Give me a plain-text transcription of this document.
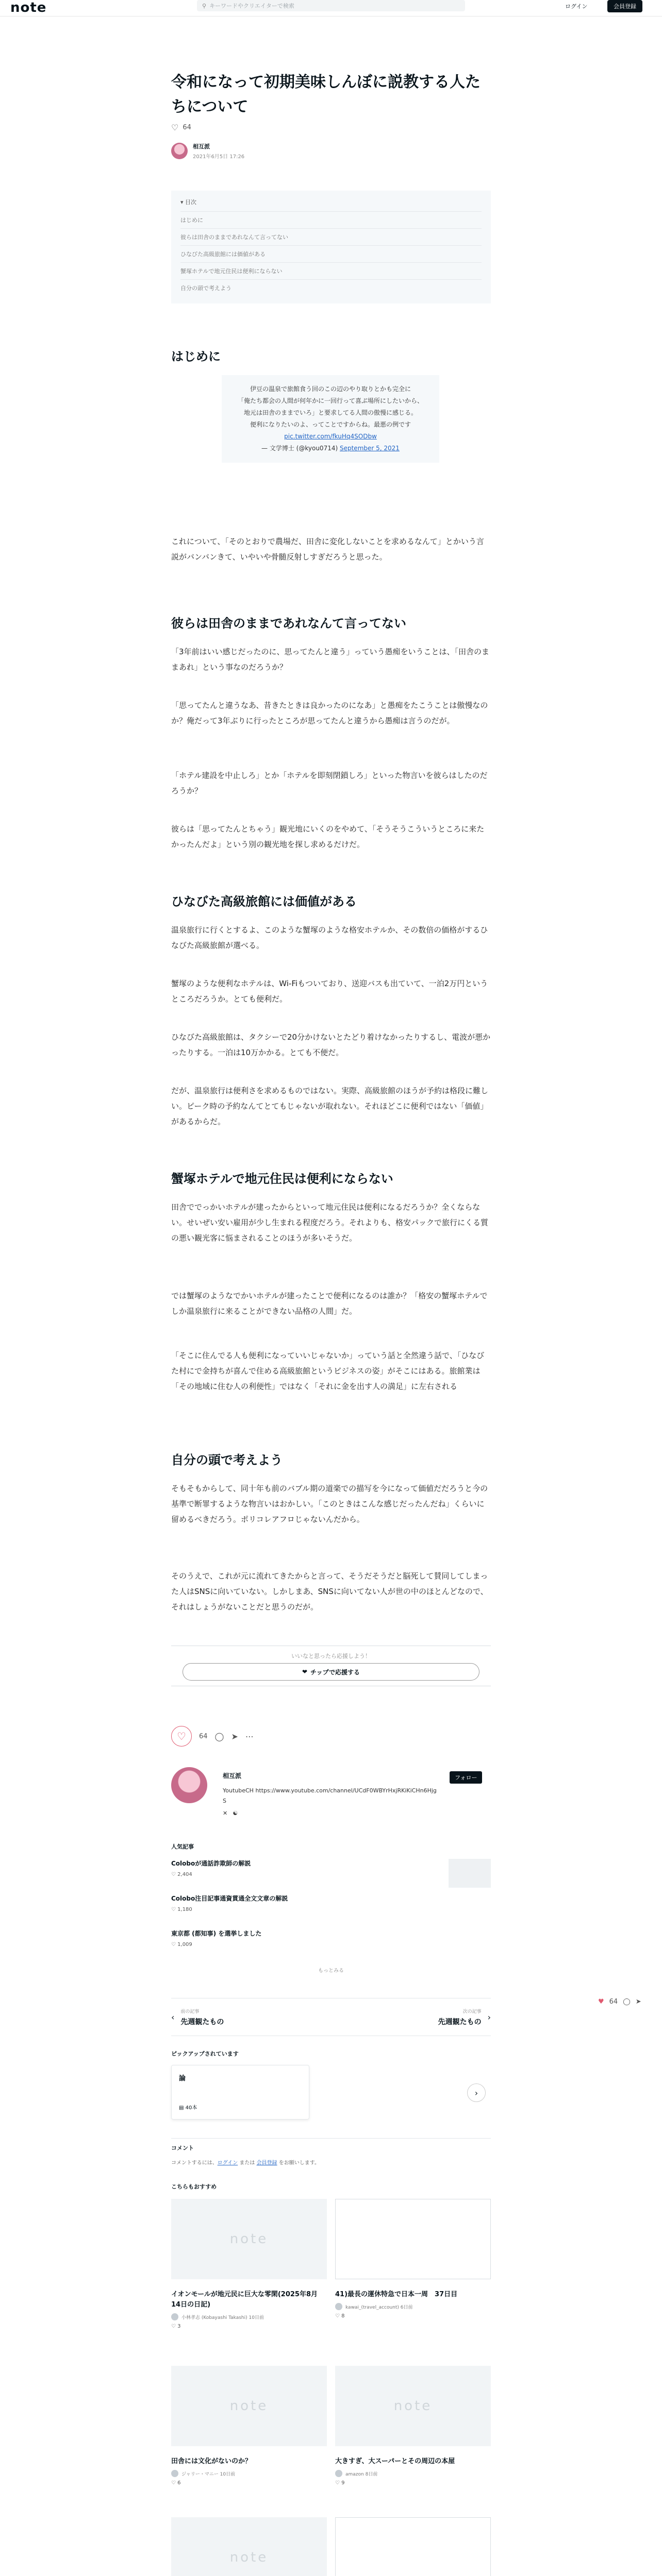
note	⚲ キーワードやクリエイターで検索	ログイン	会員登録
令和になって初期美味しんぼに説教する人たちについて
♡ 64
相互派
2021年6月5日 17:26
▾ 目次
はじめに
彼らは田舎のままであれなんて言ってない
ひなびた高級旅館には価値がある
蟹塚ホテルで地元住民は便利にならない
自分の頭で考えよう
はじめに
伊豆の温泉で旅館食う回のこの辺のやり取りとかも完全に
「俺たち都会の人間が何年かに一回行って喜ぶ場所にしたいから、
地元は田舎のままでいろ」と要求してる人間の傲慢に感じる。
便利になりたいのよ、ってことですからね。最悪の例です
pic.twitter.com/fkuHq4SODbw
— 文学博士 (@kyou0714) September 5, 2021

これについて、「そのとおりで農場だ、田舎に変化しないことを求めるなんて」とかいう言説がバンバンきて、いやいや骨髄反射しすぎだろうと思った。

彼らは田舎のままであれなんて言ってない

「3年前はいい感じだったのに、思ってたんと違う」っていう愚痴をいうことは、「田舎のままあれ」という事なのだろうか？

「思ってたんと違うなあ、昔きたときは良かったのになあ」と愚痴をたこうことは傲慢なのか？俺だって3年ぶりに行ったところが思ってたんと違うから愚痴は言うのだが。

「ホテル建設を中止しろ」とか「ホテルを即刻閉鎖しろ」といった物言いを彼らはしたのだろうか？

彼らは「思ってたんとちゃう」観光地にいくのをやめて、「そうそうこういうところに来たかったんだよ」という別の観光地を探し求めるだけだ。

ひなびた高級旅館には価値がある

温泉旅行に行くとするよ、このような蟹塚のような格安ホテルか、その数倍の価格がするひなびた高級旅館が選べる。

蟹塚のような便利なホテルは、Wi-Fiもついており、送迎バスも出ていて、一泊2万円というところだろうか。とても便利だ。

ひなびた高級旅館は、タクシーで20分かけないとたどり着けなかったりするし、電波が悪かったりする。一泊は10万かかる。とても不便だ。

だが、温泉旅行は便利さを求めるものではない。実際、高級旅館のほうが予約は格段に難しい。ピーク時の予約なんてとてもじゃないが取れない。それほどこに便利ではない「価値」があるからだ。

蟹塚ホテルで地元住民は便利にならない

田舎ででっかいホテルが建ったからといって地元住民は便利になるだろうか？全くならない。せいぜい安い雇用が少し生まれる程度だろう。それよりも、格安パックで旅行にくる質の悪い観光客に悩まされることのほうが多いそうだ。

では蟹塚のようなでかいホテルが建ったことで便利になるのは誰か？「格安の蟹塚ホテルでしか温泉旅行に来ることができない品格の人間」だ。

「そこに住んでる人も便利になっていいじゃないか」っていう話と全然違う話で、「ひなびた村にで金持ちが喜んで住める高級旅館というビジネスの姿」がそこにはある。旅館業は「その地域に住む人の利便性」ではなく「それに金を出す人の満足」に左右される

自分の頭で考えよう

そもそもからして、同十年も前のバブル期の道楽での描写を今になって価値だだろうと今の基準で断罪するような物言いはおかしい。「このときはこんな感じだったんだね」くらいに留めるべきだろう。ポリコレアフロじゃないんだから。

そのうえで、これが元に流れてきたからと言って、そうだそうだと脳死して賛同してしまった人はSNSに向いていない。しかしまあ、SNSに向いてない人が世の中のほとんどなので、それはしょうがないことだと思うのだが。

いいなと思ったら応援しよう！
❤ チップで応援する
♡ 64 ◯ ➤ ⋯
相互派	フォロー
YoutubeCH https://www.youtube.com/channel/UCdF0WBYrHxjRKiKiCHn6Hjg
S
✕ ☯
人気記事
Coloboが通話詐欺師の解説
♡ 2,404
Colobo注目記事通資貫通全文文章の解説
♡ 1,180
東京都 (都知事) を選挙しました
♡ 1,009
もっとみる
‹
前の記事
先週観たもの
次の記事
先週観たもの ›
♥ 64 ◯ ➤
ピックアップされています
論
▤ 40本
›
コメント
コメントするには、ログイン または 会員登録 をお願いします。
こちらもおすすめ
note
イオンモールが地元民に巨大な零閑(2025年8月14日の日記)
小林孝志 (Kobayashi Takashi) 10日前
♡ 3
41)最長の運休特急で日本一周　37日目
kawai_(travel_account) 6日前
♡ 8
note
田舎には文化がないのか？
ジャリー・マニー 10日前
♡ 6
note
大きすぎ、大スーパーとその周辺の本屋
amazon 8日前
♡ 9
note
